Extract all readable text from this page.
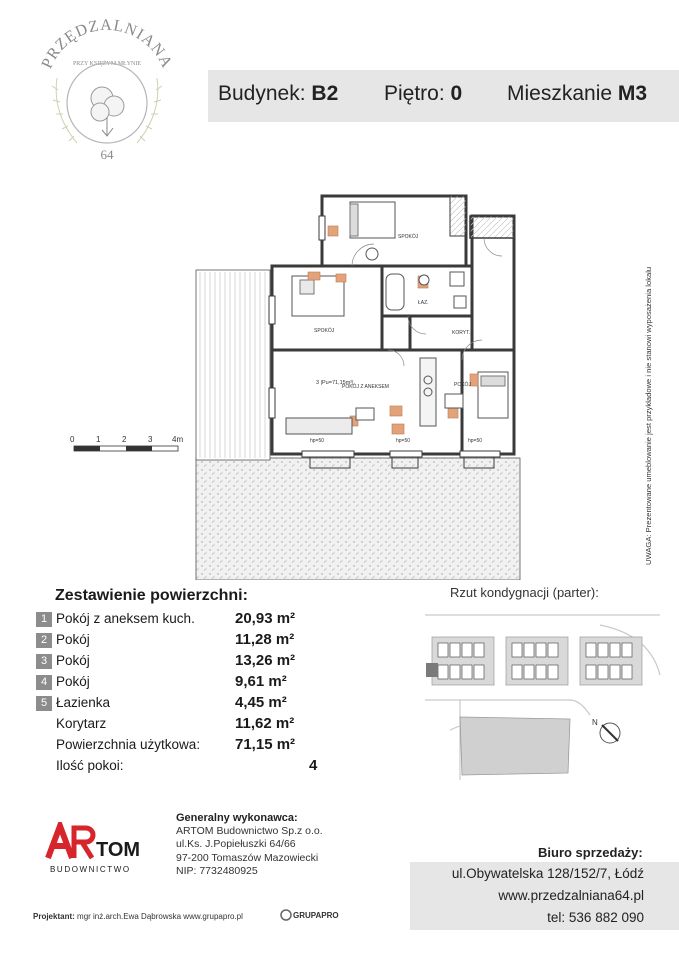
PRZĘDZALNIANA
PRZY KSIĘŻYM MŁYNIE
64
Budynek: B2 Piętro: 0 Mieszkanie M3
SPOKÓJ
SPOKÓJ
ŁAZ.
KORYT.
POKÓJ Z ANEKSEM	POKÓJ
3 |Pu=71,15m²|
hp=50	hp=50	hp=50
0	1	2	3 4m	UWAGA: Prezentowane umeblowanie jest przykładowe i nie stanowi wyposażenia lokalu
Zestawienie powierzchni:
1 Pokój z aneksem kuch.	20,93 m²
2 Pokój	11,28 m²
3 Pokój	13,26 m²
4 Pokój	9,61 m²
5 Łazienka	4,45 m²
Korytarz	11,62 m²
Powierzchnia użytkowa: 71,15 m²
Ilość pokoi:	4
Rzut kondygnacji (parter):
N
TOM
BUDOWNICTWO
Generalny wykonawca:
ARTOM Budownictwo Sp.z o.o.
ul.Ks. J.Popiełuszki 64/66
97-200 Tomaszów Mazowiecki
NIP: 7732480925
Biuro sprzedaży:
ul.Obywatelska 128/152/7, Łódź
www.przedzalniana64.pl
tel: 536 882 090
Projektant: mgr inż.arch.Ewa Dąbrowska www.grupapro.pl	GRUPAPRO
